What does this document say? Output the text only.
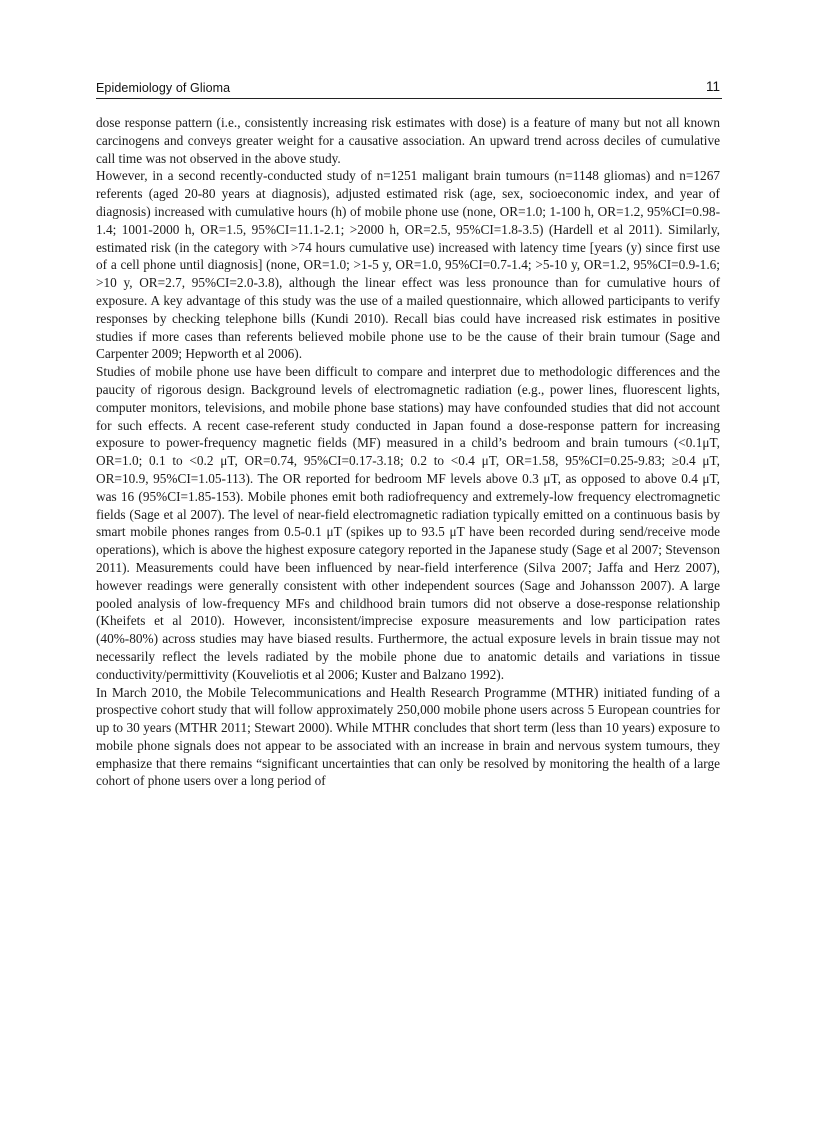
Epidemiology of Glioma	11

dose response pattern (i.e., consistently increasing risk estimates with dose) is a feature of many but not all known carcinogens and conveys greater weight for a causative association. An upward trend across deciles of cumulative call time was not observed in the above study.

However, in a second recently-conducted study of n=1251 maligant brain tumours (n=1148 gliomas) and n=1267 referents (aged 20-80 years at diagnosis), adjusted estimated risk (age, sex, socioeconomic index, and year of diagnosis) increased with cumulative hours (h) of mobile phone use (none, OR=1.0; 1-100 h, OR=1.2, 95%CI=0.98-1.4; 1001-2000 h, OR=1.5, 95%CI=11.1-2.1; >2000 h, OR=2.5, 95%CI=1.8-3.5) (Hardell et al 2011). Similarly, estimated risk (in the category with >74 hours cumulative use) increased with latency time [years (y) since first use of a cell phone until diagnosis] (none, OR=1.0; >1-5 y, OR=1.0, 95%CI=0.7-1.4; >5-10 y, OR=1.2, 95%CI=0.9-1.6; >10 y, OR=2.7, 95%CI=2.0-3.8), although the linear effect was less pronounce than for cumulative hours of exposure. A key advantage of this study was the use of a mailed questionnaire, which allowed participants to verify responses by checking telephone bills (Kundi 2010). Recall bias could have increased risk estimates in positive studies if more cases than referents believed mobile phone use to be the cause of their brain tumour (Sage and Carpenter 2009; Hepworth et al 2006).

Studies of mobile phone use have been difficult to compare and interpret due to methodologic differences and the paucity of rigorous design. Background levels of electromagnetic radiation (e.g., power lines, fluorescent lights, computer monitors, televisions, and mobile phone base stations) may have confounded studies that did not account for such effects. A recent case-referent study conducted in Japan found a dose-response pattern for increasing exposure to power-frequency magnetic fields (MF) measured in a child’s bedroom and brain tumours (<0.1μT, OR=1.0; 0.1 to <0.2 μT, OR=0.74, 95%CI=0.17-3.18; 0.2 to <0.4 μT, OR=1.58, 95%CI=0.25-9.83; ≥0.4 μT, OR=10.9, 95%CI=1.05-113). The OR reported for bedroom MF levels above 0.3 μT, as opposed to above 0.4 μT, was 16 (95%CI=1.85-153). Mobile phones emit both radiofrequency and extremely-low frequency electromagnetic fields (Sage et al 2007). The level of near-field electromagnetic radiation typically emitted on a continuous basis by smart mobile phones ranges from 0.5-0.1 μT (spikes up to 93.5 μT have been recorded during send/receive mode operations), which is above the highest exposure category reported in the Japanese study (Sage et al 2007; Stevenson 2011). Measurements could have been influenced by near-field interference (Silva 2007; Jaffa and Herz 2007), however readings were generally consistent with other independent sources (Sage and Johansson 2007). A large pooled analysis of low-frequency MFs and childhood brain tumors did not observe a dose-response relationship (Kheifets et al 2010). However, inconsistent/imprecise exposure measurements and low participation rates (40%-80%) across studies may have biased results. Furthermore, the actual exposure levels in brain tissue may not necessarily reflect the levels radiated by the mobile phone due to anatomic details and variations in tissue conductivity/permittivity (Kouveliotis et al 2006; Kuster and Balzano 1992).

In March 2010, the Mobile Telecommunications and Health Research Programme (MTHR) initiated funding of a prospective cohort study that will follow approximately 250,000 mobile phone users across 5 European countries for up to 30 years (MTHR 2011; Stewart 2000). While MTHR concludes that short term (less than 10 years) exposure to mobile phone signals does not appear to be associated with an increase in brain and nervous system tumours, they emphasize that there remains “significant uncertainties that can only be resolved by monitoring the health of a large cohort of phone users over a long period of
